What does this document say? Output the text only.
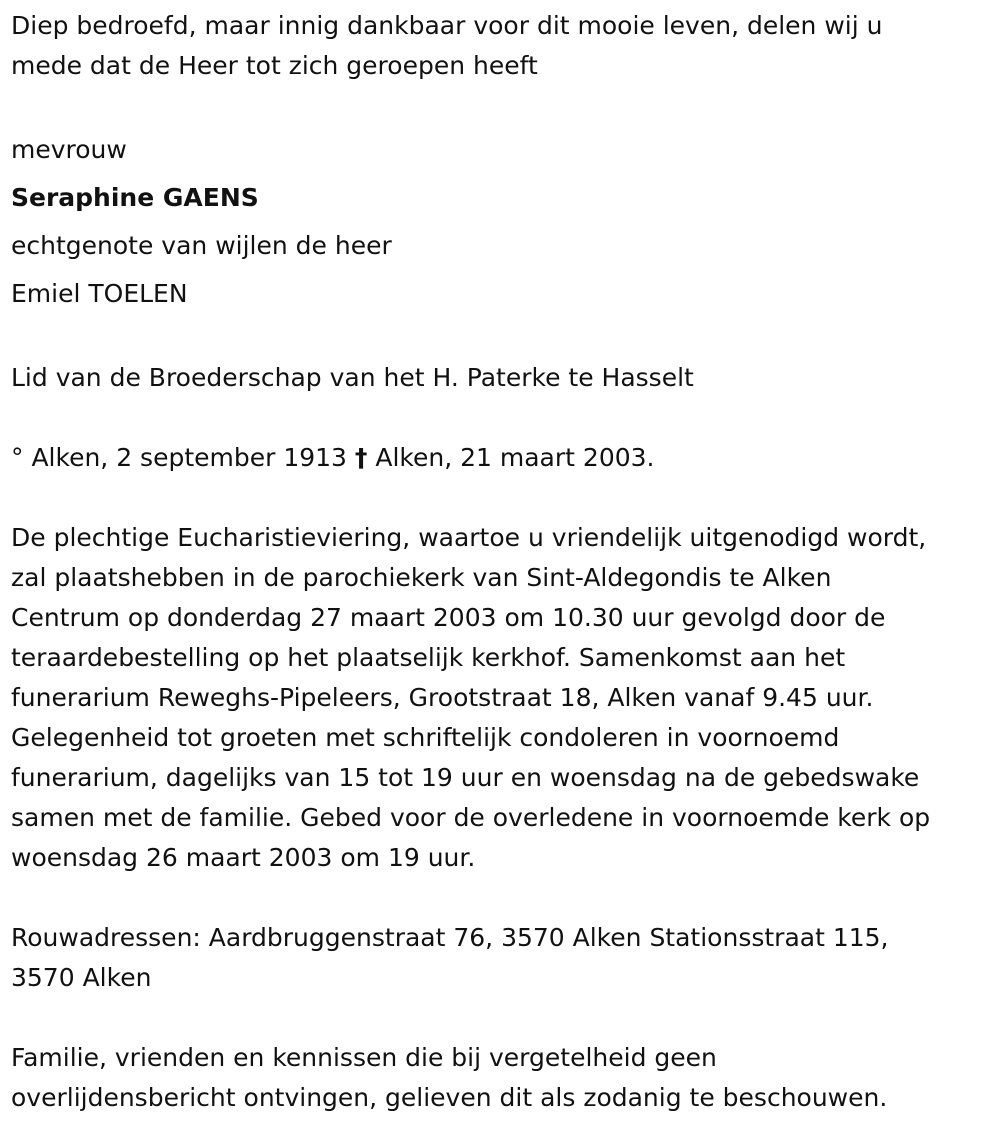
Diep bedroefd, maar innig dankbaar voor dit mooie leven, delen wij u
mede dat de Heer tot zich geroepen heeft

mevrouw

Seraphine GAENS

echtgenote van wijlen de heer

Emiel TOELEN

Lid van de Broederschap van het H. Paterke te Hasselt

° Alken, 2 september 1913 † Alken, 21 maart 2003.

De plechtige Eucharistieviering, waartoe u vriendelijk uitgenodigd wordt,
zal plaatshebben in de parochiekerk van Sint-Aldegondis te Alken
Centrum op donderdag 27 maart 2003 om 10.30 uur gevolgd door de
teraardebestelling op het plaatselijk kerkhof. Samenkomst aan het
funerarium Reweghs-Pipeleers, Grootstraat 18, Alken vanaf 9.45 uur.
Gelegenheid tot groeten met schriftelijk condoleren in voornoemd
funerarium, dagelijks van 15 tot 19 uur en woensdag na de gebedswake
samen met de familie. Gebed voor de overledene in voornoemde kerk op
woensdag 26 maart 2003 om 19 uur.

Rouwadressen: Aardbruggenstraat 76, 3570 Alken Stationsstraat 115,
3570 Alken

Familie, vrienden en kennissen die bij vergetelheid geen
overlijdensbericht ontvingen, gelieven dit als zodanig te beschouwen.
